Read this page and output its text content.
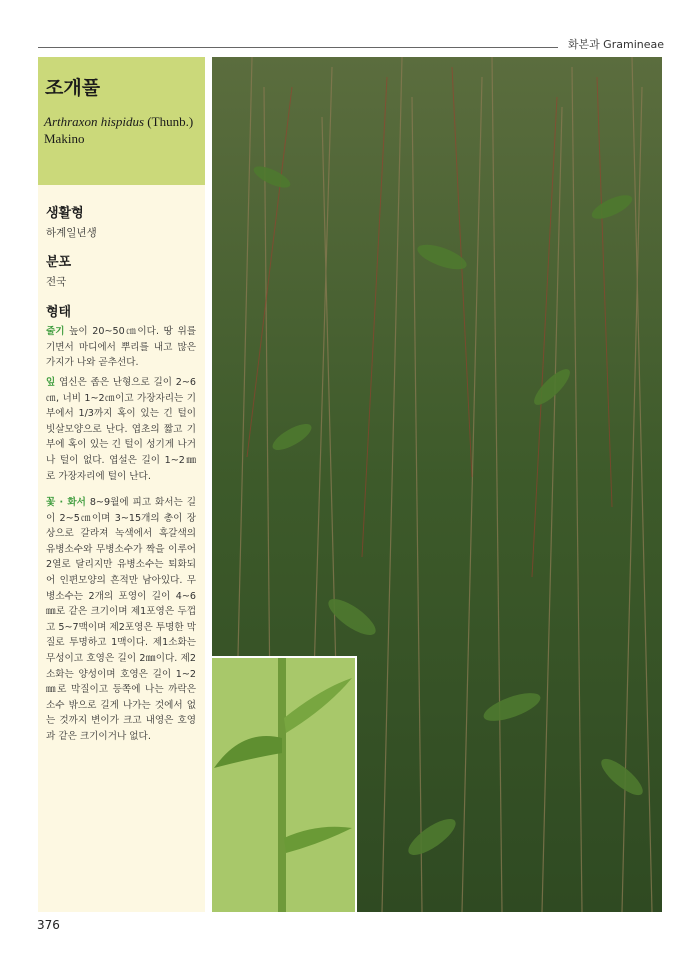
화본과 Gramineae
조개풀
Arthraxon hispidus (Thunb.) Makino
생활형
하계일년생
분포
전국
형태
줄기 높이 20~50㎝이다. 땅 위를 기면서 마디에서 뿌리를 내고 많은 가지가 나와 곧추선다.
잎 엽신은 좁은 난형으로 길이 2~6㎝, 너비 1~2㎝이고 가장자리는 기부에서 1/3까지 혹이 있는 긴 털이 빗살모양으로 난다. 엽초의 짧고 기부에 혹이 있는 긴 털이 성기게 나거나 털이 없다. 엽설은 길이 1~2㎜로 가장자리에 털이 난다.
꽃 · 화서 8~9월에 피고 화서는 길이 2~5㎝이며 3~15개의 총이 장상으로 갈라져 녹색에서 흑갈색의 유병소수와 무병소수가 짝을 이루어 2열로 달리지만 유병소수는 퇴화되어 인편모양의 흔적만 남아있다. 무병소수는 2개의 포영이 길이 4~6㎜로 같은 크기이며 제1포영은 두껍고 5~7맥이며 제2포영은 투명한 막질로 투명하고 1맥이다. 제1소화는 무성이고 호영은 길이 2㎜이다. 제2소화는 양성이며 호영은 길이 1~2㎜로 막질이고 등쪽에 나는 까락은 소수 밖으로 길게 나가는 것에서 없는 것까지 변이가 크고 내영은 호영과 같은 크기이거나 없다.
376
